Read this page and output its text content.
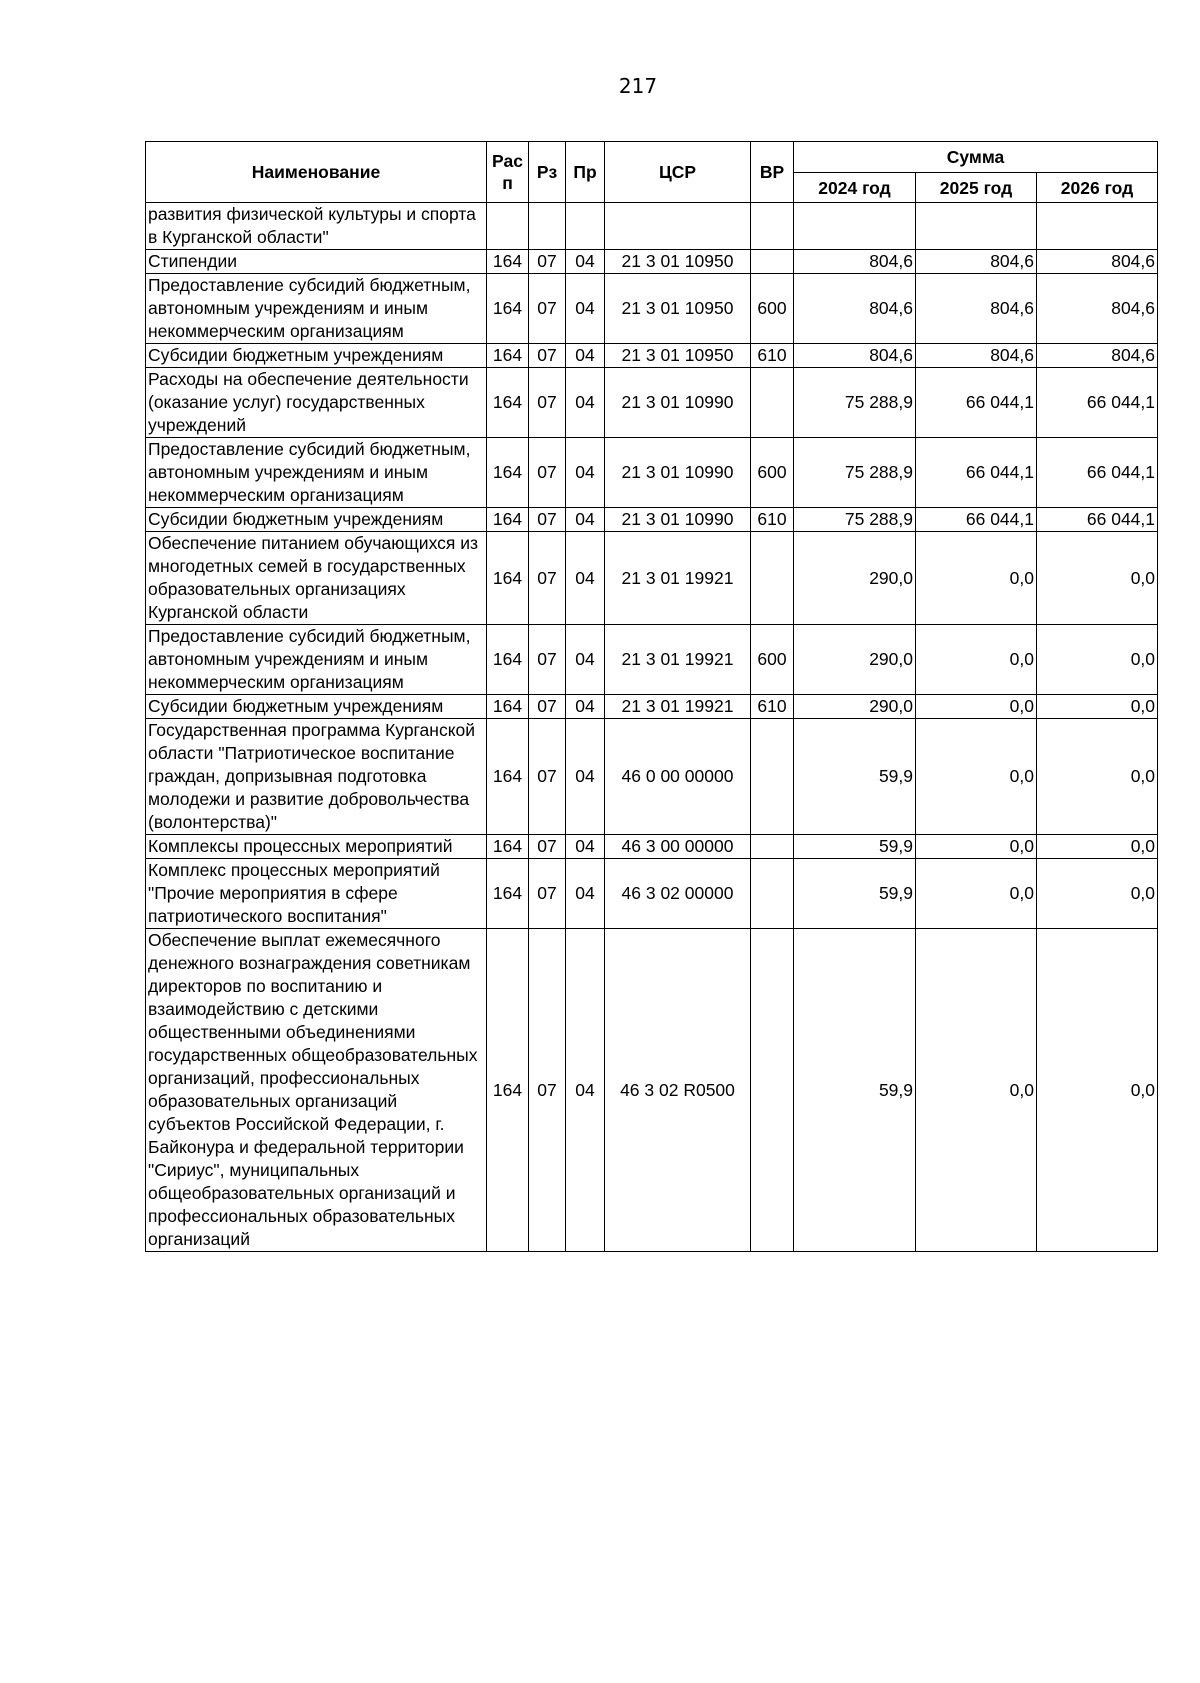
217
Наименование	Рас п	Рз	Пр	ЦСР	ВР	Сумма		
						2024 год	2025 год	2026 год
развития физической культуры и спорта в Курганской области"								
Стипендии	164	07	04	21 3 01 10950		804,6	804,6	804,6
Предоставление субсидий бюджетным, автономным учреждениям и иным некоммерческим организациям	164	07	04	21 3 01 10950	600	804,6	804,6	804,6
Субсидии бюджетным учреждениям	164	07	04	21 3 01 10950	610	804,6	804,6	804,6
Расходы на обеспечение деятельности (оказание услуг) государственных учреждений	164	07	04	21 3 01 10990		75 288,9	66 044,1	66 044,1
Предоставление субсидий бюджетным, автономным учреждениям и иным некоммерческим организациям	164	07	04	21 3 01 10990	600	75 288,9	66 044,1	66 044,1
Субсидии бюджетным учреждениям	164	07	04	21 3 01 10990	610	75 288,9	66 044,1	66 044,1
Обеспечение питанием обучающихся из многодетных семей в государственных образовательных организациях Курганской области	164	07	04	21 3 01 19921		290,0	0,0	0,0
Предоставление субсидий бюджетным, автономным учреждениям и иным некоммерческим организациям	164	07	04	21 3 01 19921	600	290,0	0,0	0,0
Субсидии бюджетным учреждениям	164	07	04	21 3 01 19921	610	290,0	0,0	0,0
Государственная программа Курганской области "Патриотическое воспитание граждан, допризывная подготовка молодежи и развитие добровольчества (волонтерства)"	164	07	04	46 0 00 00000		59,9	0,0	0,0
Комплексы процессных мероприятий	164	07	04	46 3 00 00000		59,9	0,0	0,0
Комплекс процессных мероприятий "Прочие мероприятия в сфере патриотического воспитания"	164	07	04	46 3 02 00000		59,9	0,0	0,0
Обеспечение выплат ежемесячного денежного вознаграждения советникам директоров по воспитанию и взаимодействию с детскими общественными объединениями государственных общеобразовательных организаций, профессиональных образовательных организаций субъектов Российской Федерации, г. Байконура и федеральной территории "Сириус", муниципальных общеобразовательных организаций и профессиональных образовательных организаций	164	07	04	46 3 02 R0500		59,9	0,0	0,0
